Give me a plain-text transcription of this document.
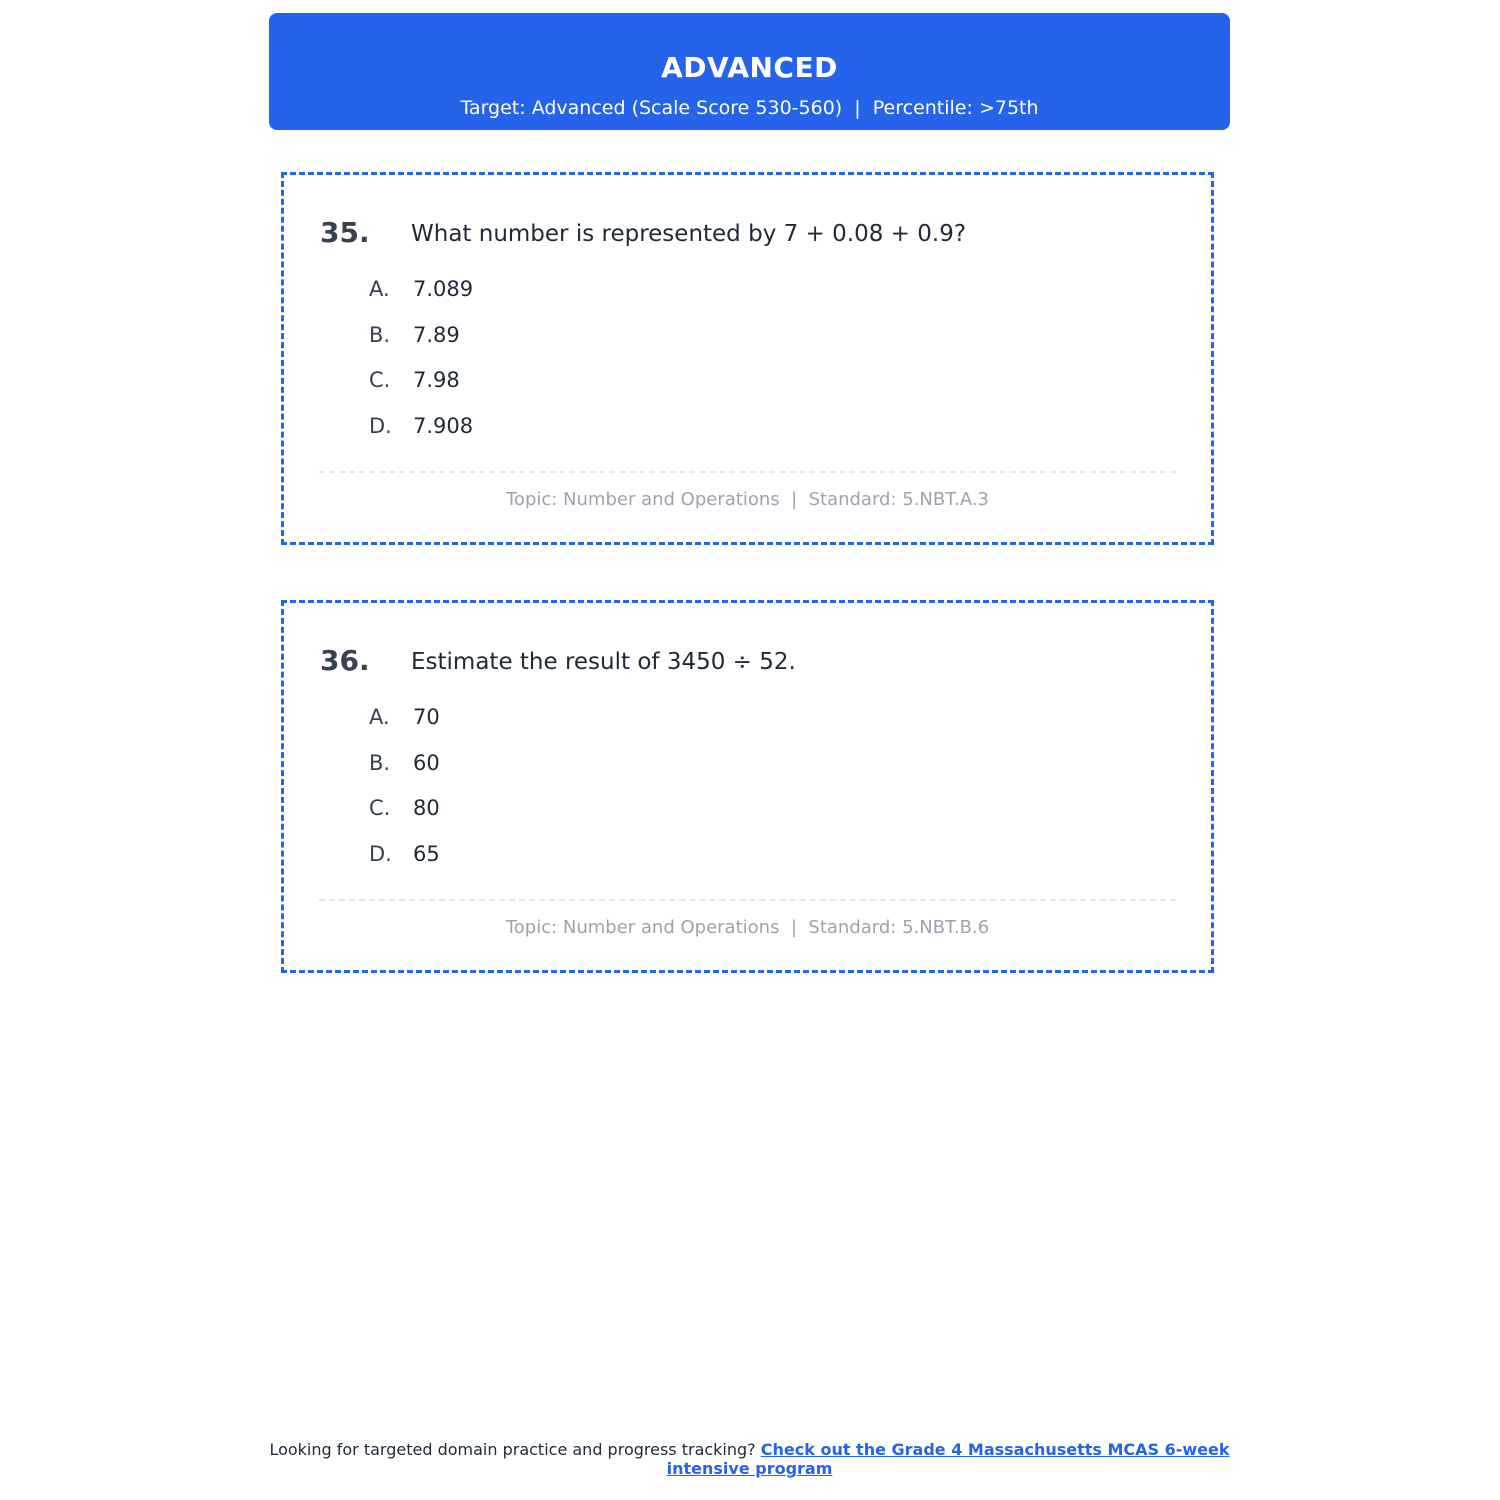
ADVANCED
Target: Advanced (Scale Score 530-560)  |  Percentile: >75th
35. What number is represented by 7 + 0.08 + 0.9?
A.	7.089
B.	7.89
C.	7.98
D.	7.908
Topic: Number and Operations  |  Standard: 5.NBT.A.3
36. Estimate the result of 3450 ÷ 52.
A.	70
B.	60
C.	80
D.	65
Topic: Number and Operations  |  Standard: 5.NBT.B.6
Looking for targeted domain practice and progress tracking? Check out the Grade 4 Massachusetts MCAS 6-week intensive program
